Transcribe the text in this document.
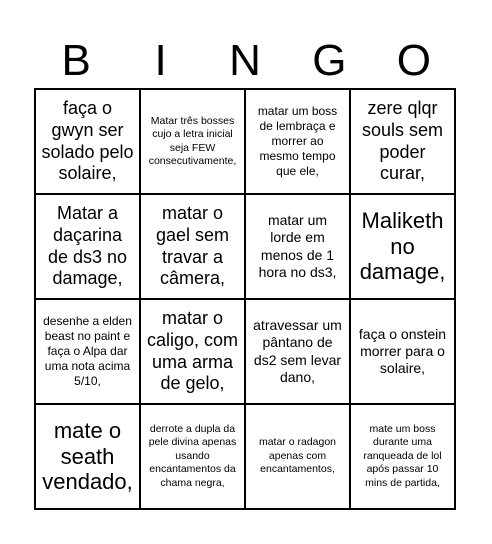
B	I	N	G	O
faça o gwyn ser solado pelo solaire,
Matar três bosses cujo a letra inicial seja FEW consecutivamente,
matar um boss de lembraça e morrer ao mesmo tempo que ele,
zere qlqr souls sem poder curar,
Matar a daçarina de ds3 no damage,
matar o gael sem travar a câmera,
matar um lorde em menos de 1 hora no ds3,
Maliketh no damage,
desenhe a elden beast no paint e faça o Alpa dar uma nota acima 5/10,
matar o caligo, com uma arma de gelo,
atravessar um pântano de ds2 sem levar dano,
faça o onstein morrer para o solaire,
mate o seath vendado,
derrote a dupla da pele divina apenas usando encantamentos da chama negra,
matar o radagon apenas com encantamentos,
mate um boss durante uma ranqueada de lol após passar 10 mins de partida,
